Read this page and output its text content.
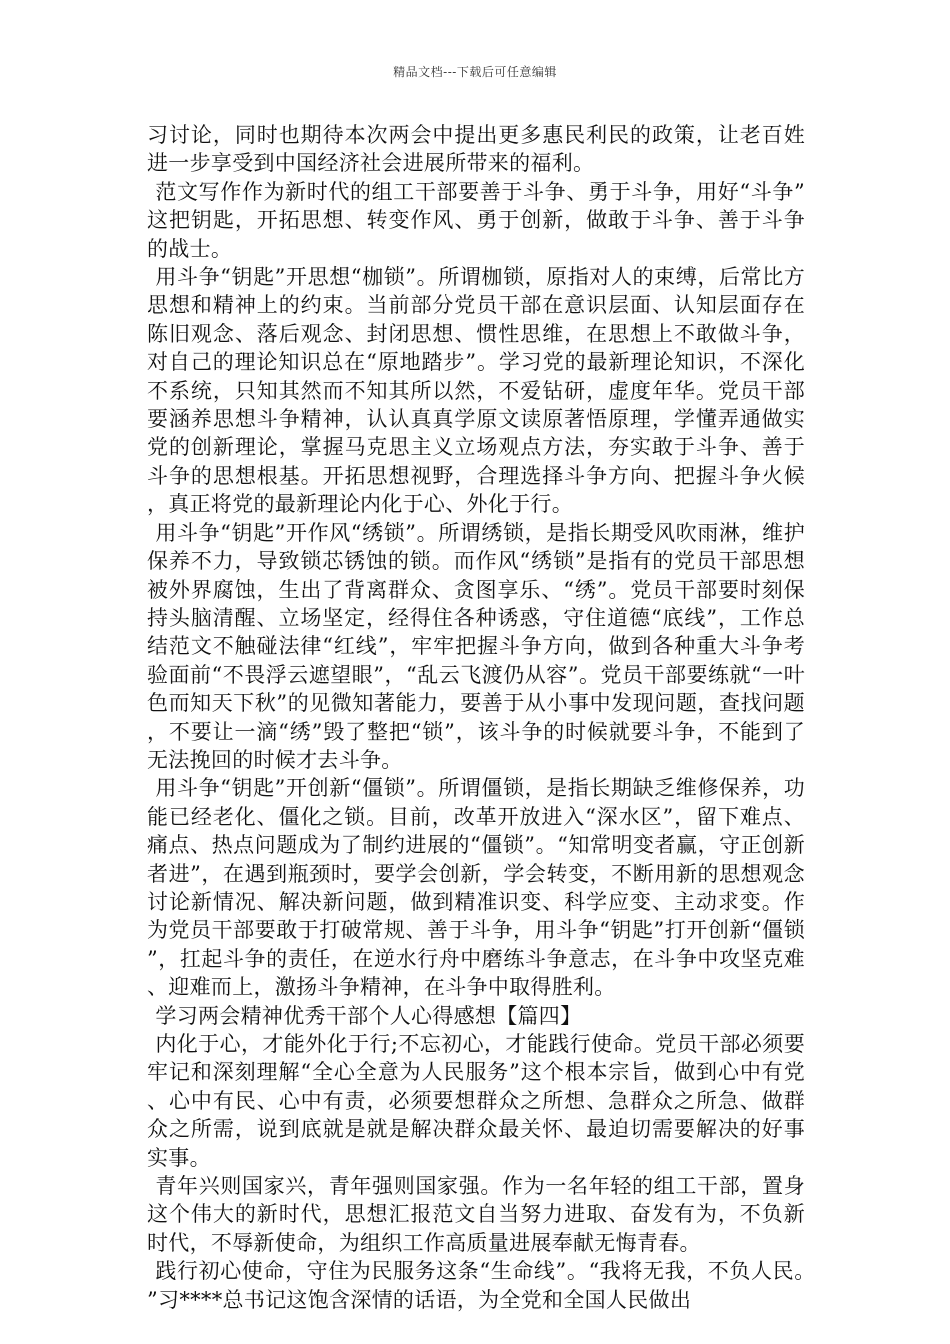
精品文档---下载后可任意编辑

习讨论，同时也期待本次两会中提出更多惠民利民的政策，让老百姓进一步享受到中国经济社会进展所带来的福利。

范文写作作为新时代的组工干部要善于斗争、勇于斗争，用好“斗争”这把钥匙，开拓思想、转变作风、勇于创新，做敢于斗争、善于斗争的战士。

用斗争“钥匙”开思想“枷锁”。所谓枷锁，原指对人的束缚，后常比方思想和精神上的约束。当前部分党员干部在意识层面、认知层面存在陈旧观念、落后观念、封闭思想、惯性思维，在思想上不敢做斗争，对自己的理论知识总在“原地踏步”。学习党的最新理论知识，不深化不系统，只知其然而不知其所以然，不爱钻研，虚度年华。党员干部要涵养思想斗争精神，认认真真学原文读原著悟原理，学懂弄通做实党的创新理论，掌握马克思主义立场观点方法，夯实敢于斗争、善于斗争的思想根基。开拓思想视野，合理选择斗争方向、把握斗争火候，真正将党的最新理论内化于心、外化于行。

用斗争“钥匙”开作风“绣锁”。所谓绣锁，是指长期受风吹雨淋，维护保养不力，导致锁芯锈蚀的锁。而作风“绣锁”是指有的党员干部思想被外界腐蚀，生出了背离群众、贪图享乐、“绣”。党员干部要时刻保持头脑清醒、立场坚定，经得住各种诱惑，守住道德“底线”，工作总结范文不触碰法律“红线”，牢牢把握斗争方向，做到各种重大斗争考验面前“不畏浮云遮望眼”，“乱云飞渡仍从容”。党员干部要练就“一叶色而知天下秋”的见微知著能力，要善于从小事中发现问题，查找问题，不要让一滴“绣”毁了整把“锁”，该斗争的时候就要斗争，不能到了无法挽回的时候才去斗争。

用斗争“钥匙”开创新“僵锁”。所谓僵锁，是指长期缺乏维修保养，功能已经老化、僵化之锁。目前，改革开放进入“深水区”，留下难点、痛点、热点问题成为了制约进展的“僵锁”。“知常明变者赢，守正创新者进”，在遇到瓶颈时，要学会创新，学会转变，不断用新的思想观念讨论新情况、解决新问题，做到精准识变、科学应变、主动求变。作为党员干部要敢于打破常规、善于斗争，用斗争“钥匙”打开创新“僵锁”，扛起斗争的责任，在逆水行舟中磨练斗争意志，在斗争中攻坚克难、迎难而上，激扬斗争精神，在斗争中取得胜利。

学习两会精神优秀干部个人心得感想【篇四】

内化于心，才能外化于行;不忘初心，才能践行使命。党员干部必须要牢记和深刻理解“全心全意为人民服务”这个根本宗旨，做到心中有党、心中有民、心中有责，必须要想群众之所想、急群众之所急、做群众之所需，说到底就是就是解决群众最关怀、最迫切需要解决的好事实事。

青年兴则国家兴，青年强则国家强。作为一名年轻的组工干部，置身这个伟大的新时代，思想汇报范文自当努力进取、奋发有为，不负新时代，不辱新使命，为组织工作高质量进展奉献无悔青春。

践行初心使命，守住为民服务这条“生命线”。“我将无我，不负人民。”习****总书记这饱含深情的话语，为全党和全国人民做出
